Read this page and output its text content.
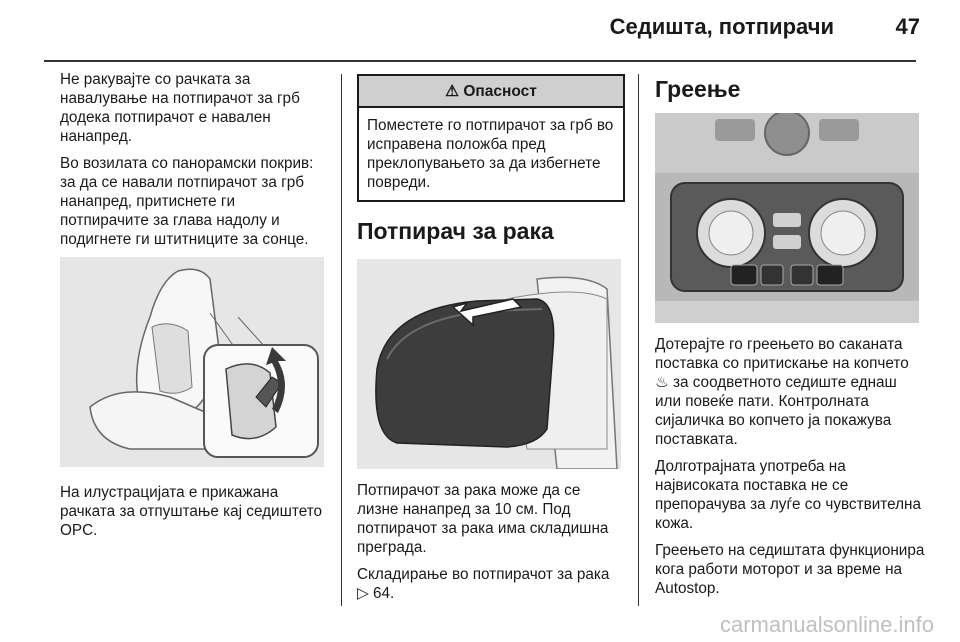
Седишта, потпирачи	47

Не ракувајте со рачката за навалување на потпирачот за грб додека потпирачот е навален нанапред.

Во возилата со панорамски покрив: за да се навали потпирачот за грб нанапред, притиснете ги потпирачите за глава надолу и подигнете ги штитниците за сонце.

На илустрацијата е прикажана рачката за отпуштање кај седиштето OPC.

⚠ Опасност
Поместете го потпирачот за грб во исправена положба пред преклопувањето за да избегнете повреди.
Потпирач за рака

Потпирачот за рака може да се лизне нанапред за 10 см. Под потпирачот за рака има складишна преграда.

Складирање во потпирачот за рака
▷ 64.

Греење

Дотерајте го греењето во саканата поставка со притискање на копчето ♨ за соодветното седиште еднаш или повеќе пати. Контролната сијаличка во копчето ја покажува поставката.

Долготрајната употреба на највисоката поставка не се препорачува за луѓе со чувствителна кожа.

Греењето на седиштата функционира кога работи моторот и за време на Autostop.

carmanualsonline.info
